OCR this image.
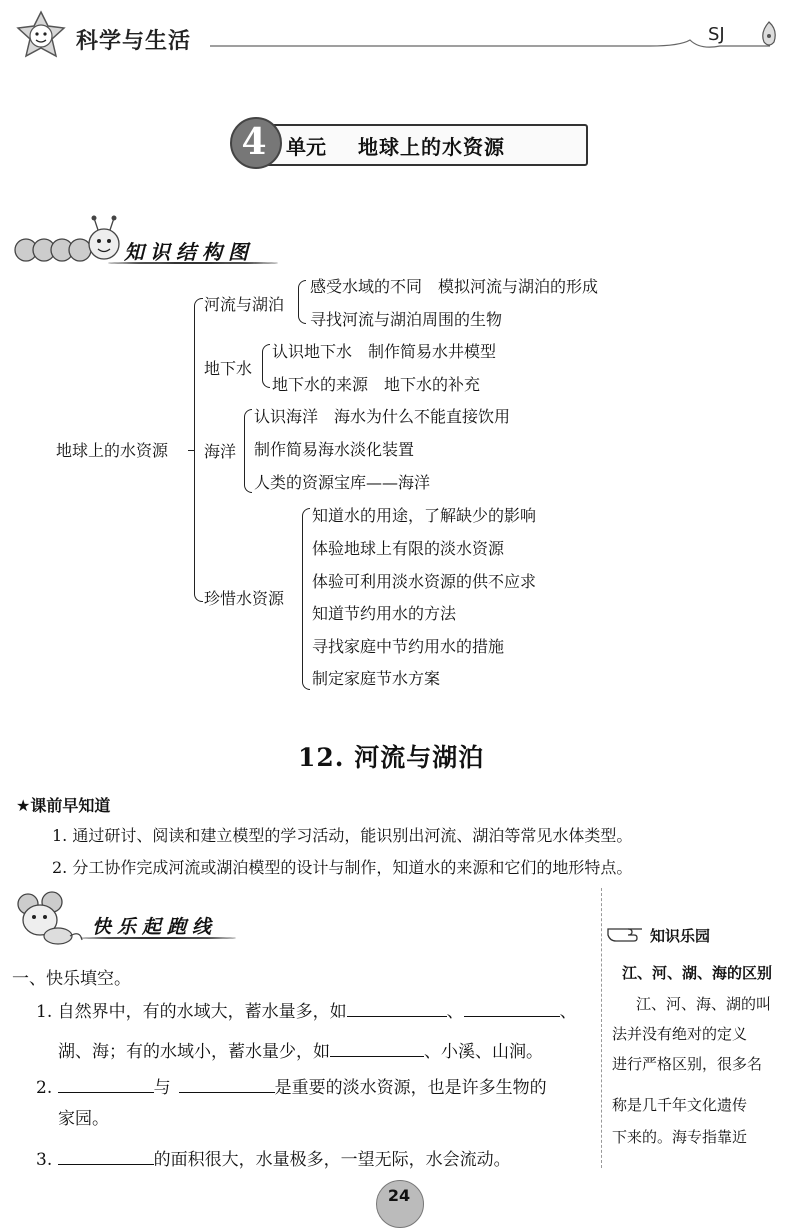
科学与生活	SJ
4 单元 地球上的水资源
知识结构图
地球上的水资源
河流与湖泊
感受水域的不同　模拟河流与湖泊的形成
寻找河流与湖泊周围的生物
地下水
认识地下水　制作简易水井模型
地下水的来源　地下水的补充
海洋
认识海洋　海水为什么不能直接饮用
制作简易海水淡化装置
人类的资源宝库——海洋
珍惜水资源
知道水的用途，了解缺少的影响
体验地球上有限的淡水资源
体验可利用淡水资源的供不应求
知道节约用水的方法
寻找家庭中节约用水的措施
制定家庭节水方案
12. 河流与湖泊
★课前早知道
1. 通过研讨、阅读和建立模型的学习活动，能识别出河流、湖泊等常见水体类型。
2. 分工协作完成河流或湖泊模型的设计与制作，知道水的来源和它们的地形特点。
快乐起跑线
一、快乐填空。
1. 自然界中，有的水域大，蓄水量多，如	、	、
湖、海；有的水域小，蓄水量少，如	、小溪、山涧。
2.	与	是重要的淡水资源，也是许多生物的
家园。
3.	的面积很大，水量极多，一望无际，水会流动。
知识乐园
江、河、湖、海的区别
江、河、海、湖的叫
法并没有绝对的定义
进行严格区别，很多名
称是几千年文化遗传
下来的。海专指靠近
24
